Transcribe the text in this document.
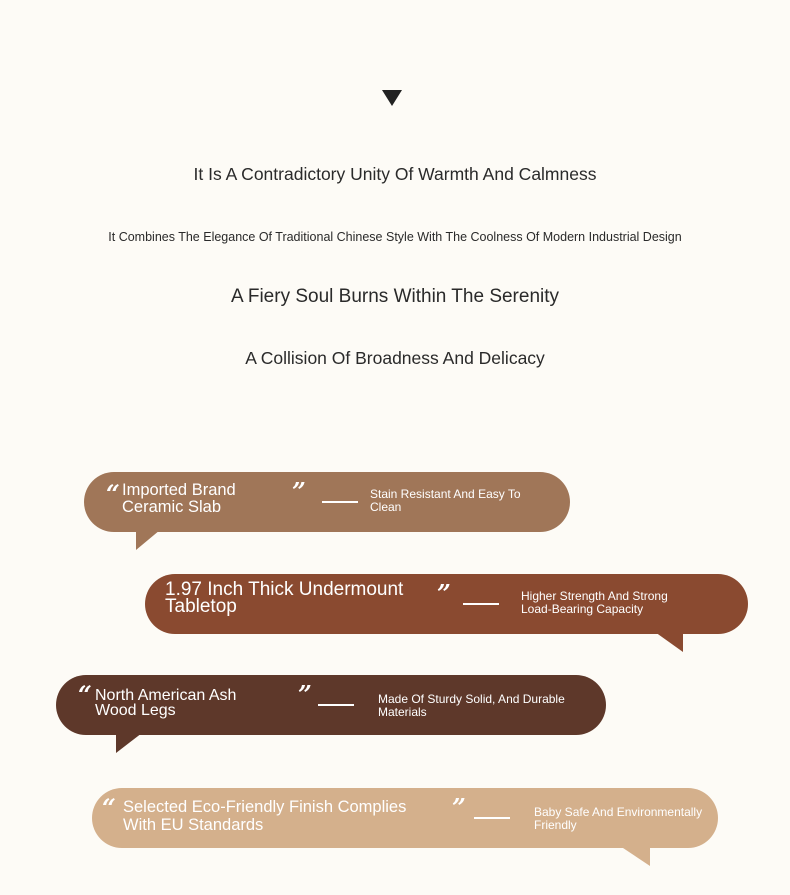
It Is A Contradictory Unity Of Warmth And Calmness
It Combines The Elegance Of Traditional Chinese Style With The Coolness Of Modern Industrial Design
A Fiery Soul Burns Within The Serenity
A Collision Of Broadness And Delicacy
“ Imported Brand
Ceramic Slab
”	Stain Resistant And Easy To
Clean
1.97 Inch Thick Undermount
Tabletop	”	Higher Strength And Strong
Load-Bearing Capacity
“ North American Ash
Wood Legs
”	Made Of Sturdy Solid, And Durable
Materials
“ Selected Eco-Friendly Finish Complies
With EU Standards
”	Baby Safe And Environmentally
Friendly
